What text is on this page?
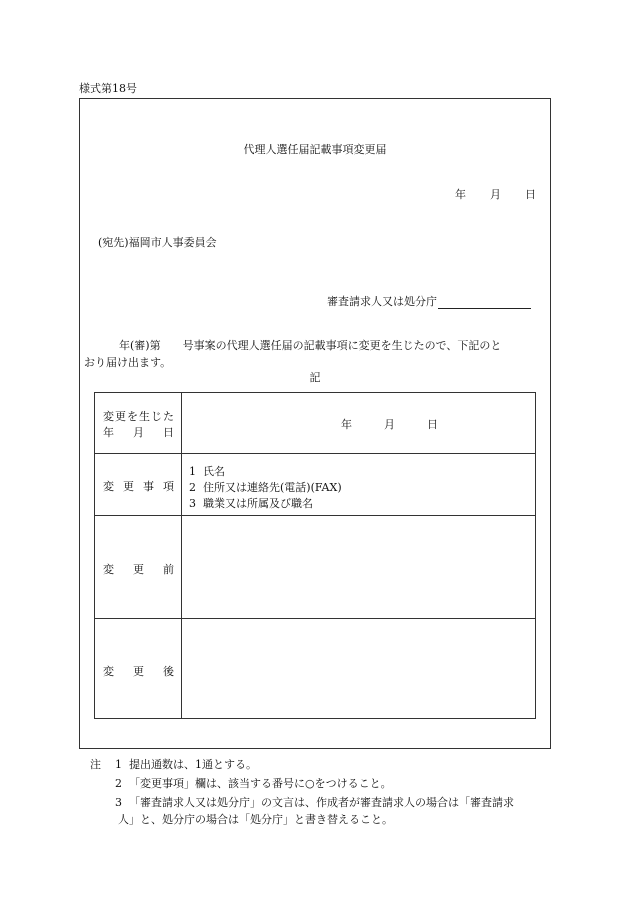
様式第18号
代理人選任届記載事項変更届
年 月 日
(宛先)福岡市人事委員会
審査請求人又は処分庁
年(審)第 号事案の代理人選任届の記載事項に変更を生じたので、下記のと
おり届け出ます。
記
変 更 を 生 じ た
年 月 日
年	月	日
変 更 事 項
1 氏名
2 住所又は連絡先(電話)(FAX)
3 職業又は所属及び職名
変 更 前
変 更 後
注 1 提出通数は、1通とする。
2 「変更事項」欄は、該当する番号に○をつけること。
3 「審査請求人又は処分庁」の文言は、作成者が審査請求人の場合は「審査請求
人」と、処分庁の場合は「処分庁」と書き替えること。
